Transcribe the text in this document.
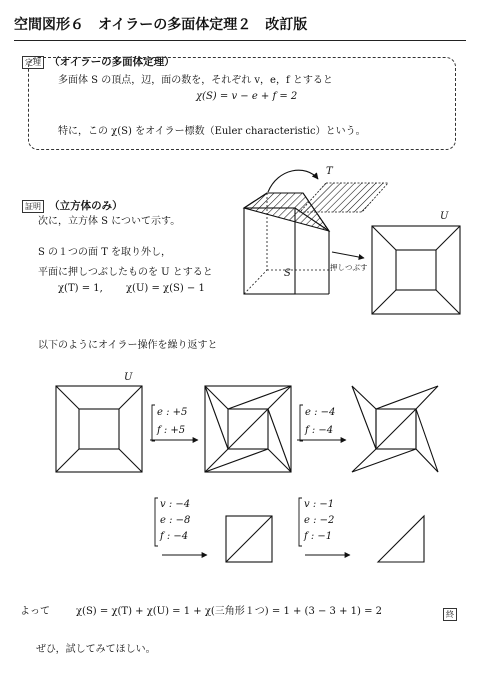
空間図形６　オイラーの多面体定理２　改訂版
定理 （オイラーの多面体定理）
多面体 S の頂点，辺，面の数を，それぞれ v，e，f とすると
χ(S) = v − e + f = 2
特に，この χ(S) をオイラー標数（Euler characteristic）という。
証明 （立方体のみ）
次に，立方体 S について示す。
S の１つの面 T を取り外し，
平面に押しつぶしたものを U とすると
χ(T) = 1, χ(U) = χ(S) − 1
以下のようにオイラー操作を繰り返すと
T
S
U
押しつぶす
U
e : +5
f : +5
e : −4
f : −4
v : −4
e : −8
f : −4
v : −1
e : −2
f : −1
よって	χ(S) = χ(T) + χ(U) = 1 + χ(三角形１つ) = 1 + (3 − 3 + 1) = 2	終
ぜひ，試してみてほしい。
